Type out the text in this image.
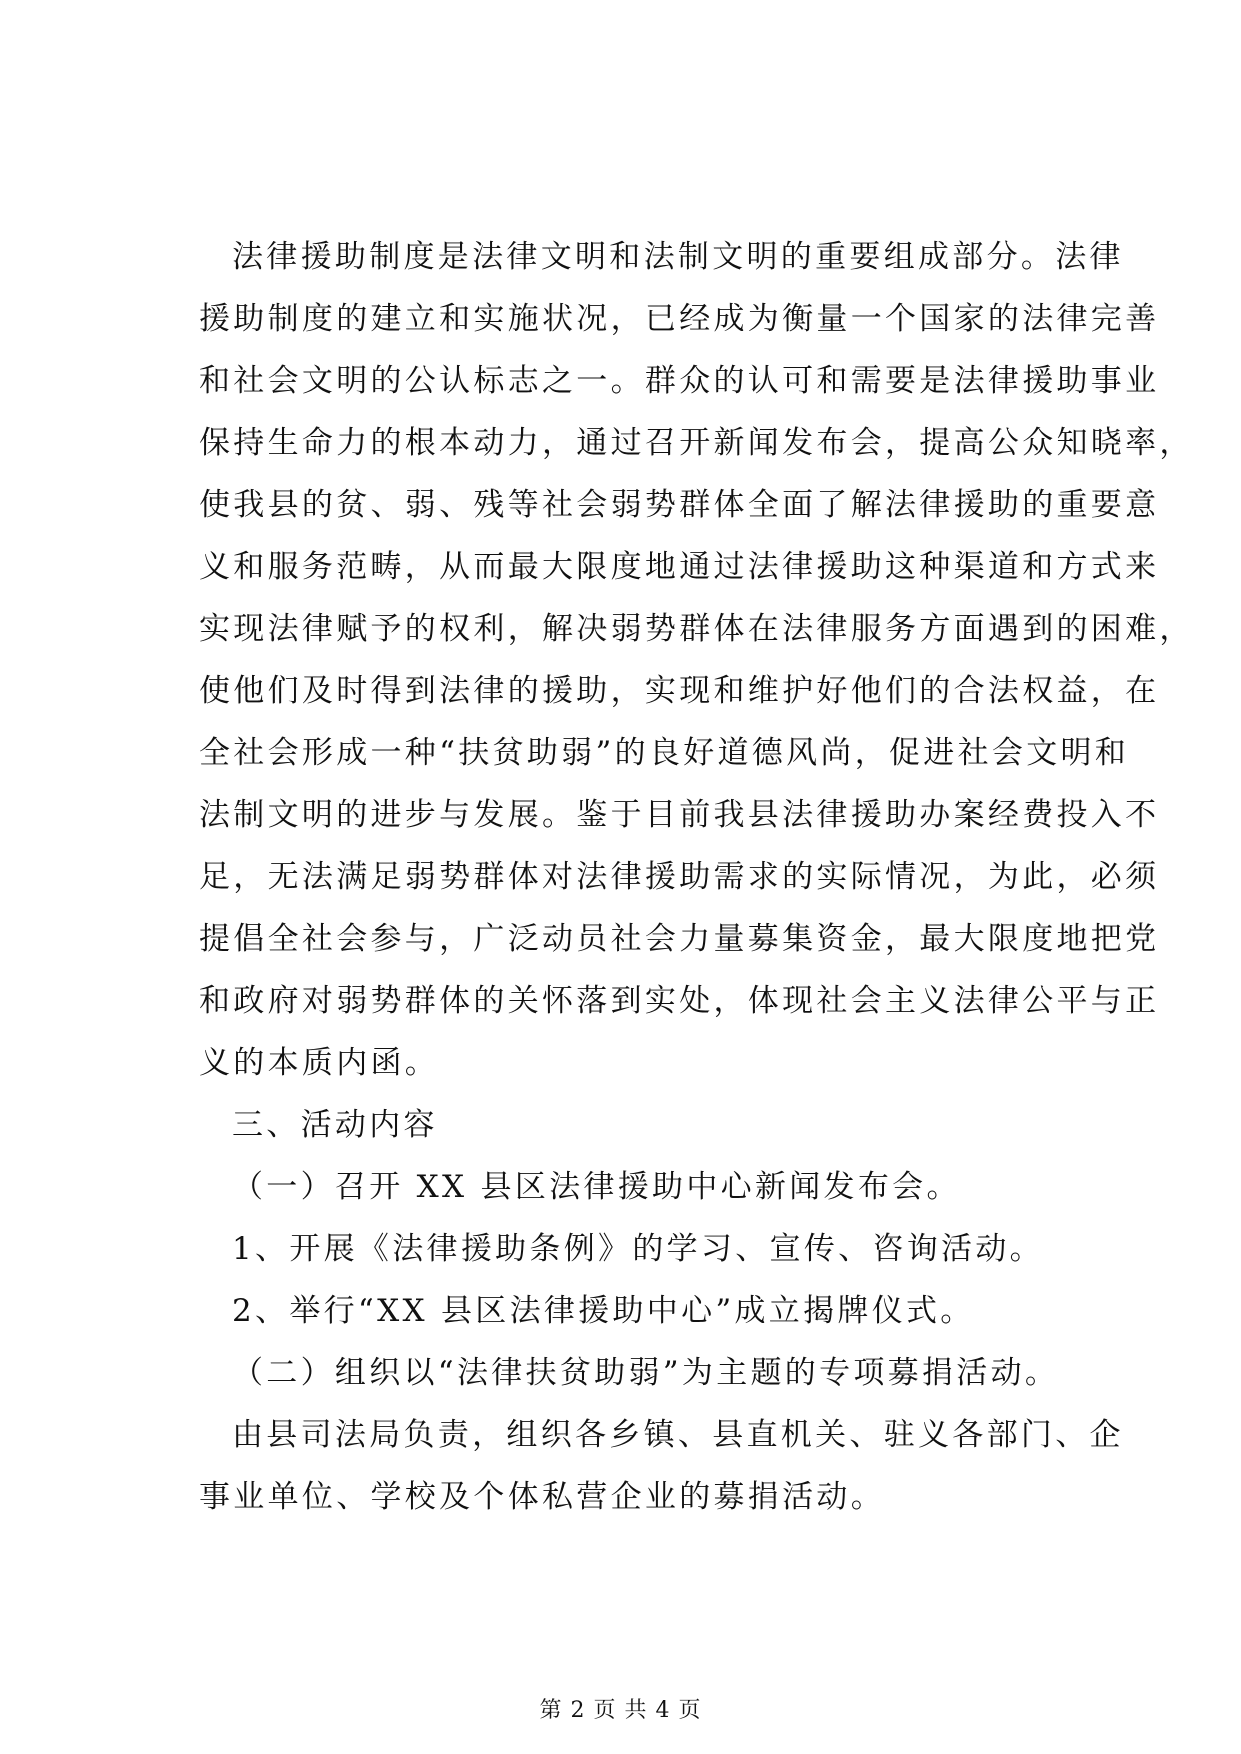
法律援助制度是法律文明和法制文明的重要组成部分。法律
援助制度的建立和实施状况，已经成为衡量一个国家的法律完善
和社会文明的公认标志之一。群众的认可和需要是法律援助事业
保持生命力的根本动力，通过召开新闻发布会，提高公众知晓率，
使我县的贫、弱、残等社会弱势群体全面了解法律援助的重要意
义和服务范畴，从而最大限度地通过法律援助这种渠道和方式来
实现法律赋予的权利，解决弱势群体在法律服务方面遇到的困难，
使他们及时得到法律的援助，实现和维护好他们的合法权益，在
全社会形成一种“扶贫助弱”的良好道德风尚，促进社会文明和
法制文明的进步与发展。鉴于目前我县法律援助办案经费投入不
足，无法满足弱势群体对法律援助需求的实际情况，为此，必须
提倡全社会参与，广泛动员社会力量募集资金，最大限度地把党
和政府对弱势群体的关怀落到实处，体现社会主义法律公平与正
义的本质内函。
三、活动内容
（一）召开 XX 县区法律援助中心新闻发布会。
1、开展《法律援助条例》的学习、宣传、咨询活动。
2、举行“XX 县区法律援助中心”成立揭牌仪式。
（二）组织以“法律扶贫助弱”为主题的专项募捐活动。
由县司法局负责，组织各乡镇、县直机关、驻义各部门、企
事业单位、学校及个体私营企业的募捐活动。
第 2 页 共 4 页
